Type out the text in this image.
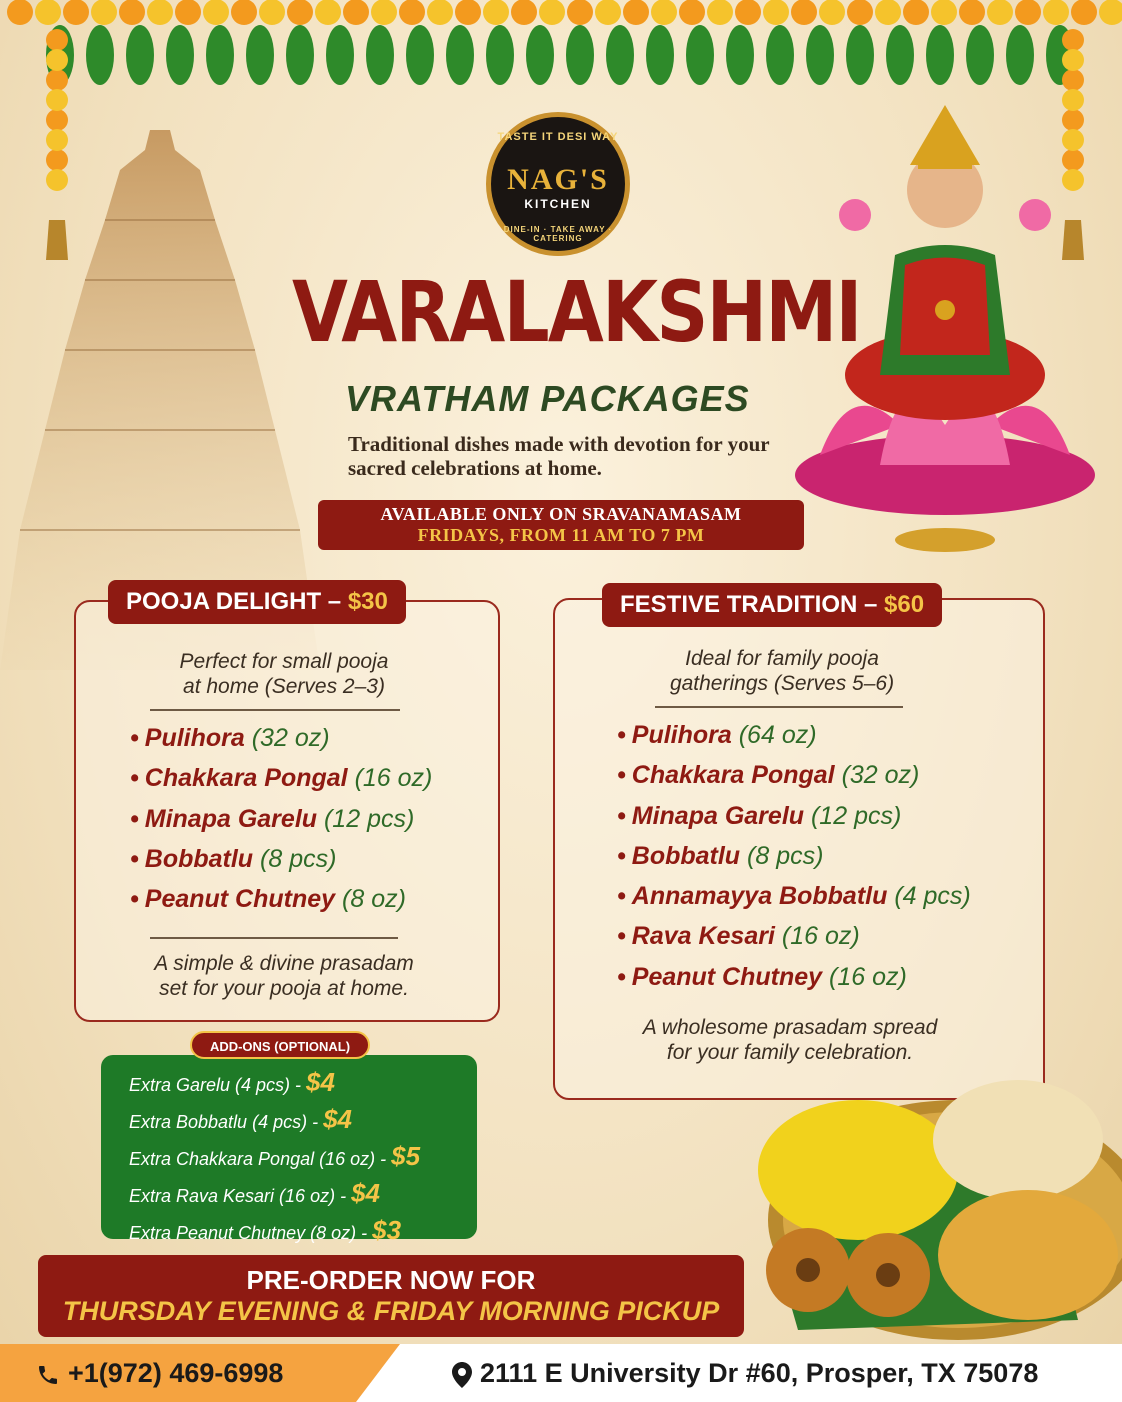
TASTE IT DESI WAY
NAG'S
KITCHEN
DINE-IN · TAKE AWAY · CATERING
VARALAKSHMI
VRATHAM PACKAGES
Traditional dishes made with devotion for your sacred celebrations at home.
AVAILABLE ONLY ON SRAVANAMASAM
FRIDAYS, FROM 11 AM TO 7 PM
POOJA DELIGHT – $30
Perfect for small pooja
at home (Serves 2–3)
• Pulihora (32 oz)
• Chakkara Pongal (16 oz)
• Minapa Garelu (12 pcs)
• Bobbatlu (8 pcs)
• Peanut Chutney (8 oz)
A simple & divine prasadam
set for your pooja at home.
FESTIVE TRADITION – $60
Ideal for family pooja
gatherings (Serves 5–6)
• Pulihora (64 oz)
• Chakkara Pongal (32 oz)
• Minapa Garelu (12 pcs)
• Bobbatlu (8 pcs)
• Annamayya Bobbatlu (4 pcs)
• Rava Kesari (16 oz)
• Peanut Chutney (16 oz)
A wholesome prasadam spread
for your family celebration.
Extra Garelu (4 pcs) - $4
Extra Bobbatlu (4 pcs) - $4
Extra Chakkara Pongal (16 oz) - $5
Extra Rava Kesari (16 oz) - $4
Extra Peanut Chutney (8 oz) - $3
ADD-ONS (OPTIONAL)
PRE-ORDER NOW FOR
THURSDAY EVENING & FRIDAY MORNING PICKUP
+1(972) 469-6998	2111 E University Dr #60, Prosper, TX 75078
